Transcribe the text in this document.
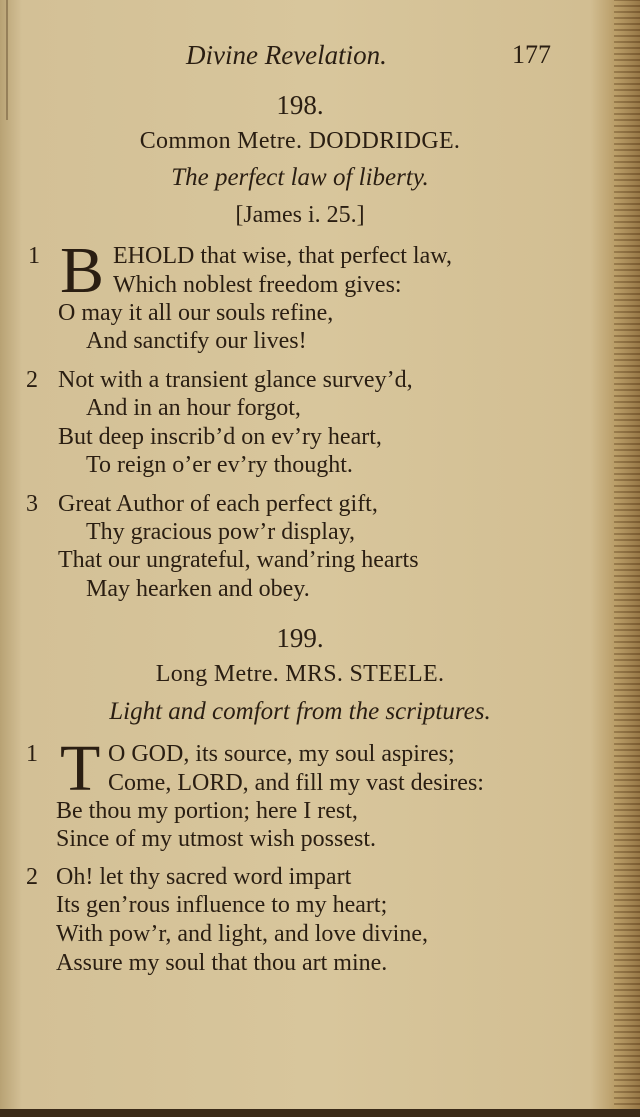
Divine Revelation.	177
198.
Common Metre. DODDRIDGE.
The perfect law of liberty.
[James i. 25.]
1 B EHOLD that wise, that perfect law,
Which noblest freedom gives:
O may it all our souls refine,
And sanctify our lives!
2 Not with a transient glance survey’d,
And in an hour forgot,
But deep inscrib’d on ev’ry heart,
To reign o’er ev’ry thought.
3 Great Author of each perfect gift,
Thy gracious pow’r display,
That our ungrateful, wand’ring hearts
May hearken and obey.
199.
Long Metre. MRS. STEELE.
Light and comfort from the scriptures.
1 T O GOD, its source, my soul aspires;
Come, LORD, and fill my vast desires:
Be thou my portion; here I rest,
Since of my utmost wish possest.
2 Oh! let thy sacred word impart
Its gen’rous influence to my heart;
With pow’r, and light, and love divine,
Assure my soul that thou art mine.
